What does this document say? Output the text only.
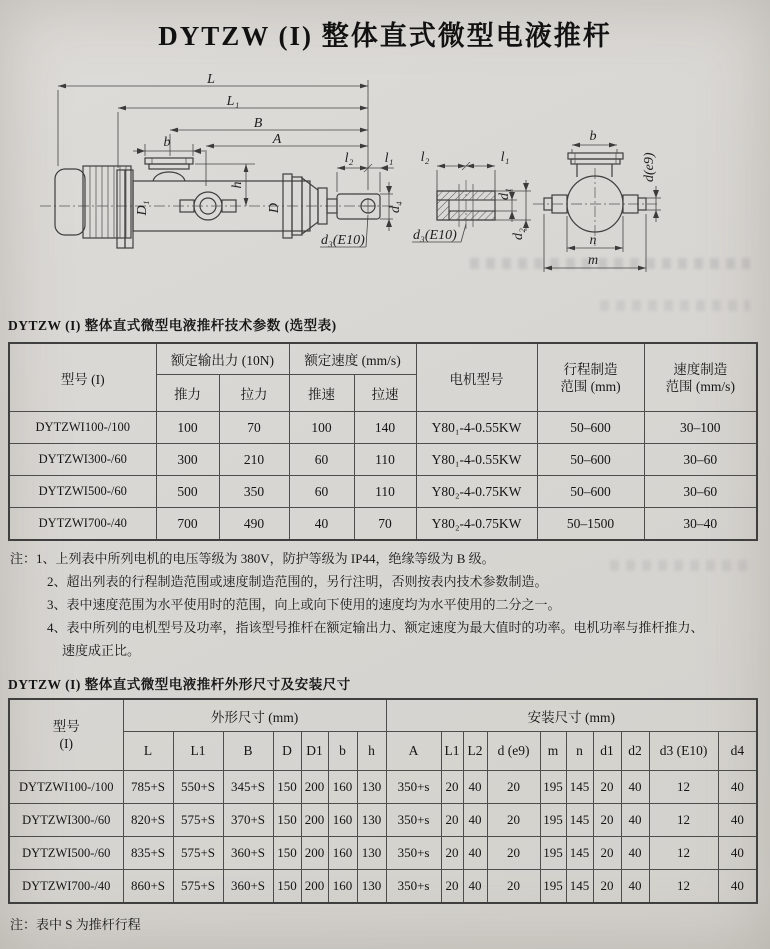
DYTZW (I) 整体直式微型电液推杆
L
L₁
B
A
b
h
D₁	D
l₂ l₁
d₄
d₃(E10)
l₂	l₁
d₁
d₂
d₃(E10)
b
d(e9)
n
m
DYTZW (I) 整体直式微型电液推杆技术参数 (选型表)
型号 (I)	额定输出力 (10N)	额定速度 (mm/s)	电机型号	
行程制造
范围 (mm)

速度制造
范围 (mm/s)

	推力	拉力	推速	拉速			
DYTZWI100-/100	100	70	100	140	Y80₁-4-0.55KW	50–600	30–100
DYTZWI300-/60	300	210	60	110	Y80₁-4-0.55KW	50–600	30–60
DYTZWI500-/60	500	350	60	110	Y80₂-4-0.75KW	50–600	30–60
DYTZWI700-/40	700	490	40	70	Y80₂-4-0.75KW	50–1500	30–40
注：1、上列表中所列电机的电压等级为 380V，防护等级为 IP44，绝缘等级为 B 级。
2、超出列表的行程制造范围或速度制造范围的，另行注明，否则按表内技术参数制造。
3、表中速度范围为水平使用时的范围，向上或向下使用的速度均为水平使用的二分之一。
4、表中所列的电机型号及功率，指该型号推杆在额定输出力、额定速度为最大值时的功率。电机功率与推杆推力、
速度成正比。
DYTZW (I) 整体直式微型电液推杆外形尺寸及安装尺寸
型号
(I)	外形尺寸 (mm)							安装尺寸 (mm)									
	L	L1	B	D	D1	b	h	A	L1	L2	d (e9)	m	n	d1	d2	d3 (E10)	d4
DYTZWI100-/100	785+S	550+S	345+S	150	200	160	130	350+s	20	40	20	195	145	20	40	12	40
DYTZWI300-/60	820+S	575+S	370+S	150	200	160	130	350+s	20	40	20	195	145	20	40	12	40
DYTZWI500-/60	835+S	575+S	360+S	150	200	160	130	350+s	20	40	20	195	145	20	40	12	40
DYTZWI700-/40	860+S	575+S	360+S	150	200	160	130	350+s	20	40	20	195	145	20	40	12	40
注：表中 S 为推杆行程
